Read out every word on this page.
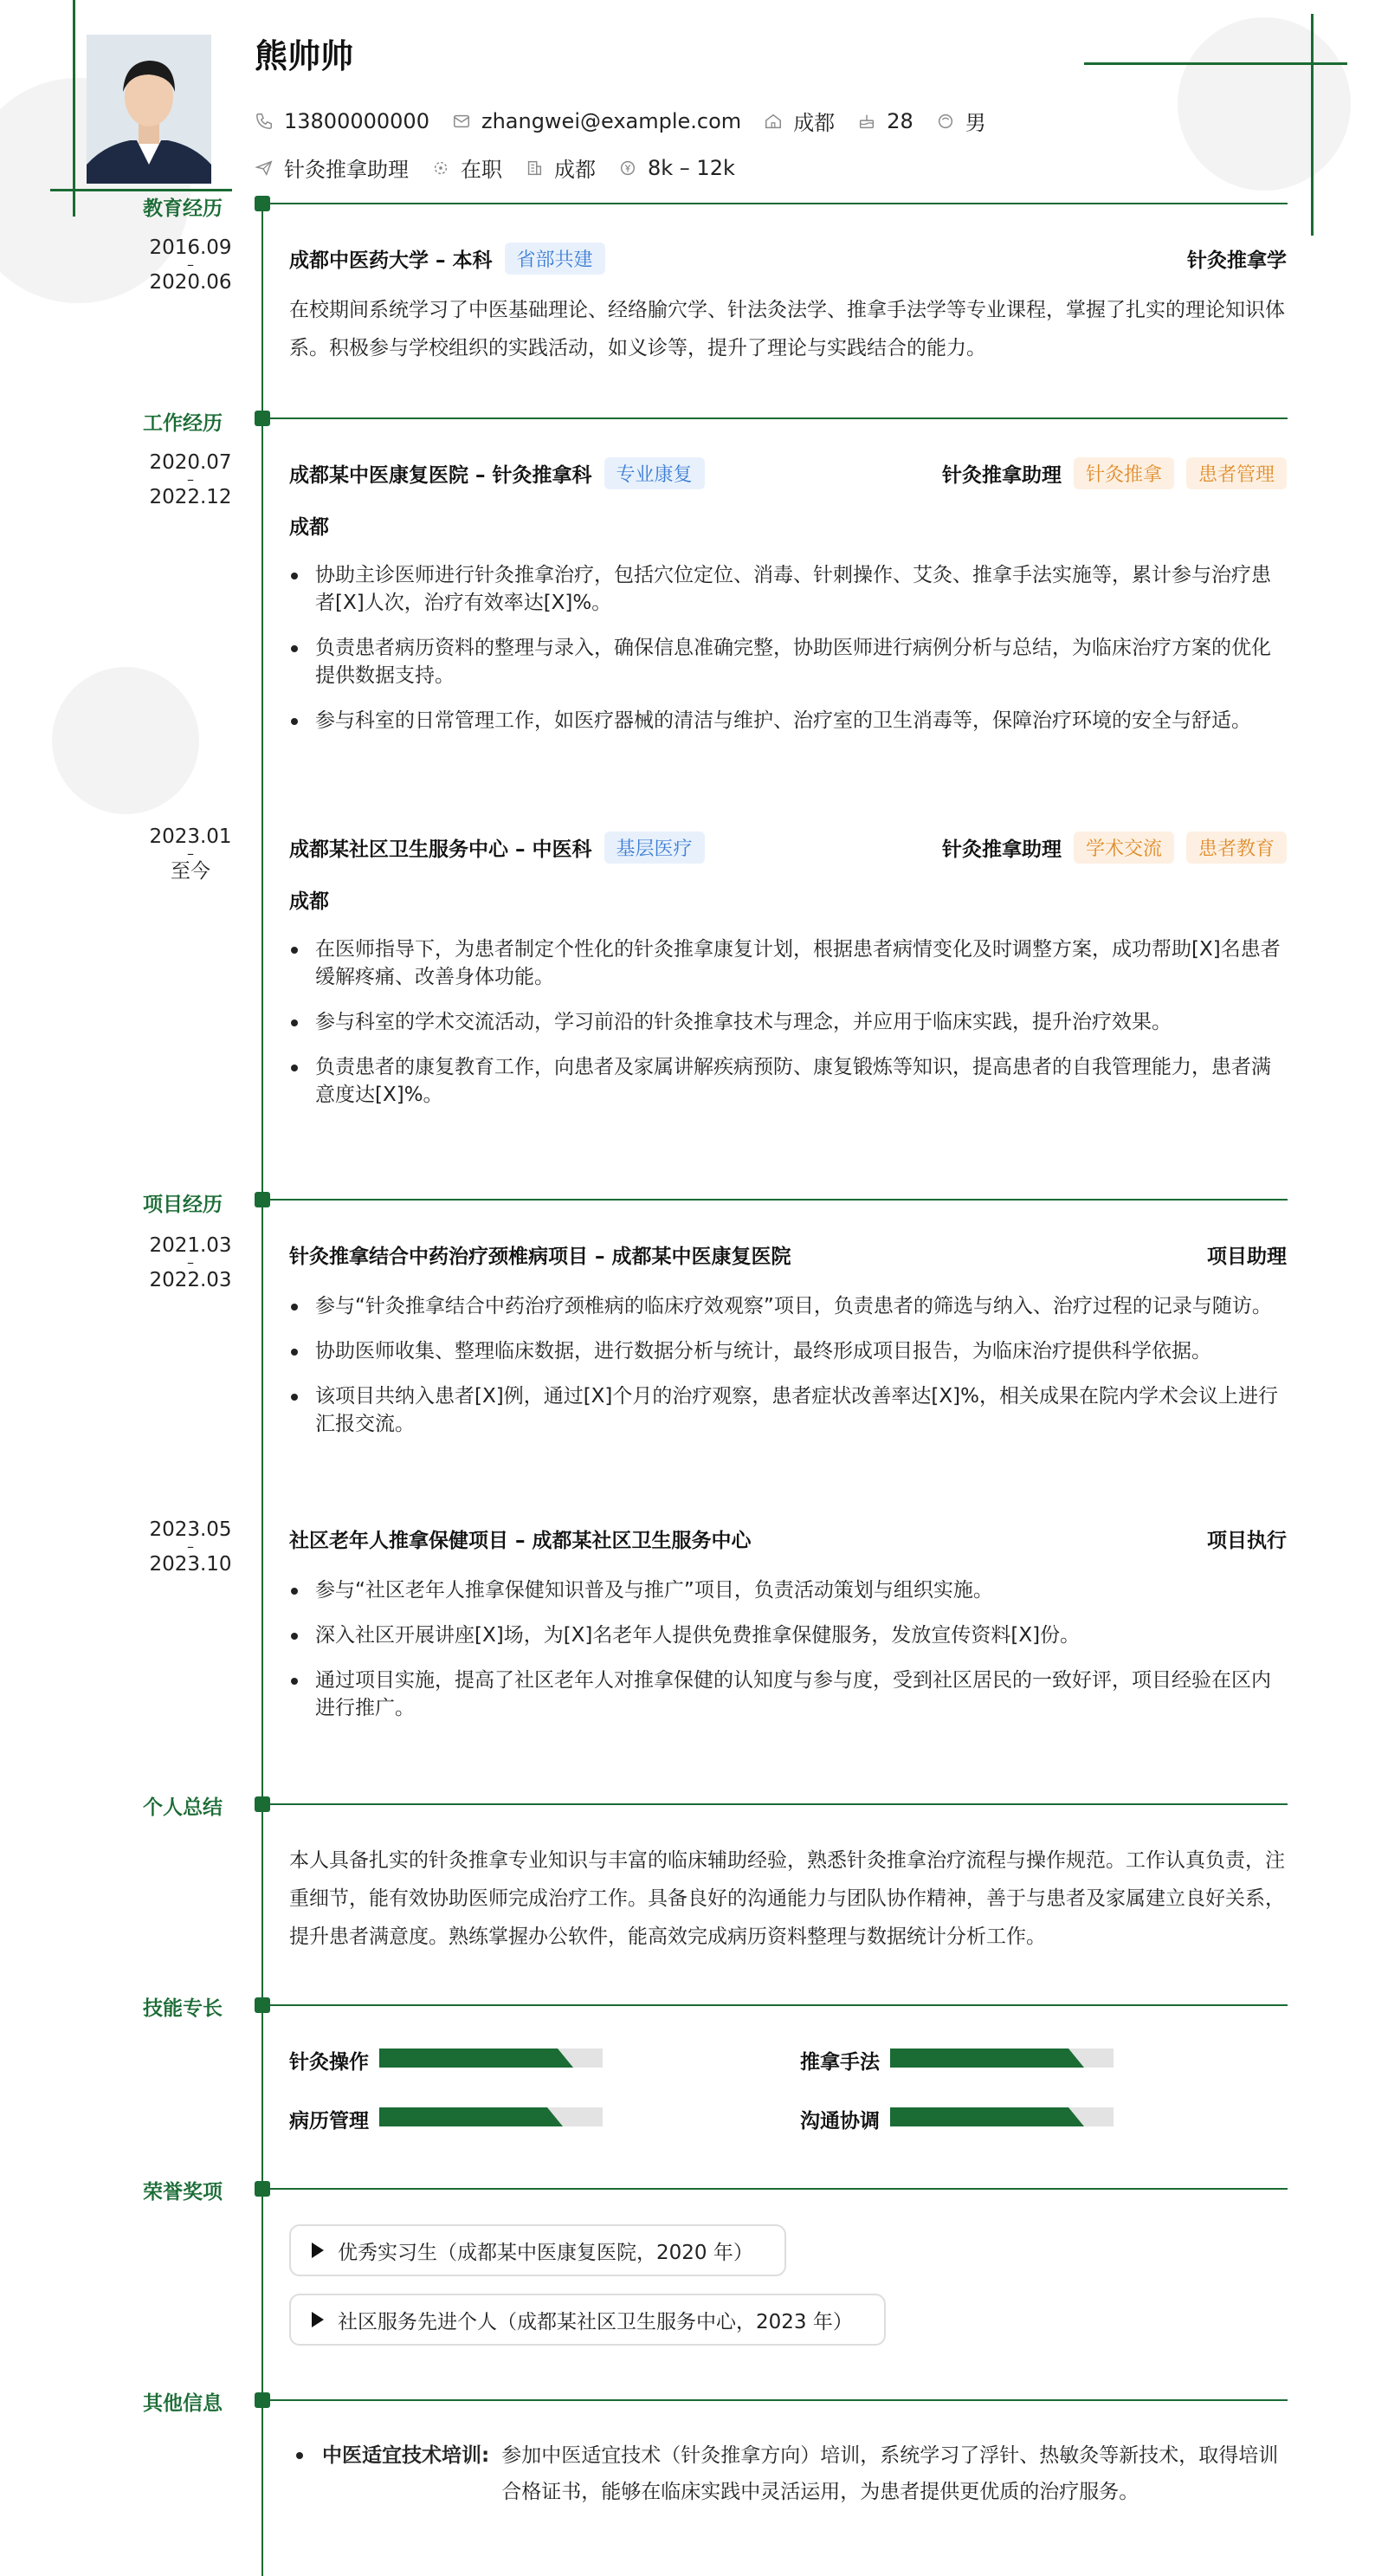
熊帅帅
13800000000	zhangwei@example.com	成都	28	男
针灸推拿助理	在职	成都	8k – 12k
教育经历
2016.09
–
2020.06
成都中医药大学 – 本科	省部共建	针灸推拿学

在校期间系统学习了中医基础理论、经络腧穴学、针法灸法学、推拿手法学等专业课程，掌握了扎实的理论知识体系。积极参与学校组织的实践活动，如义诊等，提升了理论与实践结合的能力。

工作经历
2020.07
–
2022.12
成都某中医康复医院 – 针灸推拿科	专业康复	针灸推拿助理	针灸推拿	患者管理
成都
协助主诊医师进行针灸推拿治疗，包括穴位定位、消毒、针刺操作、艾灸、推拿手法实施等，累计参与治疗患者[X]人次，治疗有效率达[X]%。
负责患者病历资料的整理与录入，确保信息准确完整，协助医师进行病例分析与总结，为临床治疗方案的优化提供数据支持。
参与科室的日常管理工作，如医疗器械的清洁与维护、治疗室的卫生消毒等，保障治疗环境的安全与舒适。
2023.01
–
至今
成都某社区卫生服务中心 – 中医科	基层医疗	针灸推拿助理	学术交流	患者教育
成都
在医师指导下，为患者制定个性化的针灸推拿康复计划，根据患者病情变化及时调整方案，成功帮助[X]名患者缓解疼痛、改善身体功能。
参与科室的学术交流活动，学习前沿的针灸推拿技术与理念，并应用于临床实践，提升治疗效果。
负责患者的康复教育工作，向患者及家属讲解疾病预防、康复锻炼等知识，提高患者的自我管理能力，患者满意度达[X]%。
项目经历
2021.03
–
2022.03
针灸推拿结合中药治疗颈椎病项目 – 成都某中医康复医院	项目助理
参与“针灸推拿结合中药治疗颈椎病的临床疗效观察”项目，负责患者的筛选与纳入、治疗过程的记录与随访。
协助医师收集、整理临床数据，进行数据分析与统计，最终形成项目报告，为临床治疗提供科学依据。
该项目共纳入患者[X]例，通过[X]个月的治疗观察，患者症状改善率达[X]%，相关成果在院内学术会议上进行汇报交流。
2023.05
–
2023.10
社区老年人推拿保健项目 – 成都某社区卫生服务中心	项目执行
参与“社区老年人推拿保健知识普及与推广”项目，负责活动策划与组织实施。
深入社区开展讲座[X]场，为[X]名老年人提供免费推拿保健服务，发放宣传资料[X]份。
通过项目实施，提高了社区老年人对推拿保健的认知度与参与度，受到社区居民的一致好评，项目经验在区内进行推广。
个人总结

本人具备扎实的针灸推拿专业知识与丰富的临床辅助经验，熟悉针灸推拿治疗流程与操作规范。工作认真负责，注重细节，能有效协助医师完成治疗工作。具备良好的沟通能力与团队协作精神，善于与患者及家属建立良好关系，提升患者满意度。熟练掌握办公软件，能高效完成病历资料整理与数据统计分析工作。

技能专长
针灸操作	推拿手法
病历管理	沟通协调
荣誉奖项
优秀实习生（成都某中医康复医院，2020 年）
社区服务先进个人（成都某社区卫生服务中心，2023 年）
其他信息
中医适宜技术培训: 参加中医适宜技术（针灸推拿方向）培训，系统学习了浮针、热敏灸等新技术，取得培训合格证书，能够在临床实践中灵活运用，为患者提供更优质的治疗服务。
